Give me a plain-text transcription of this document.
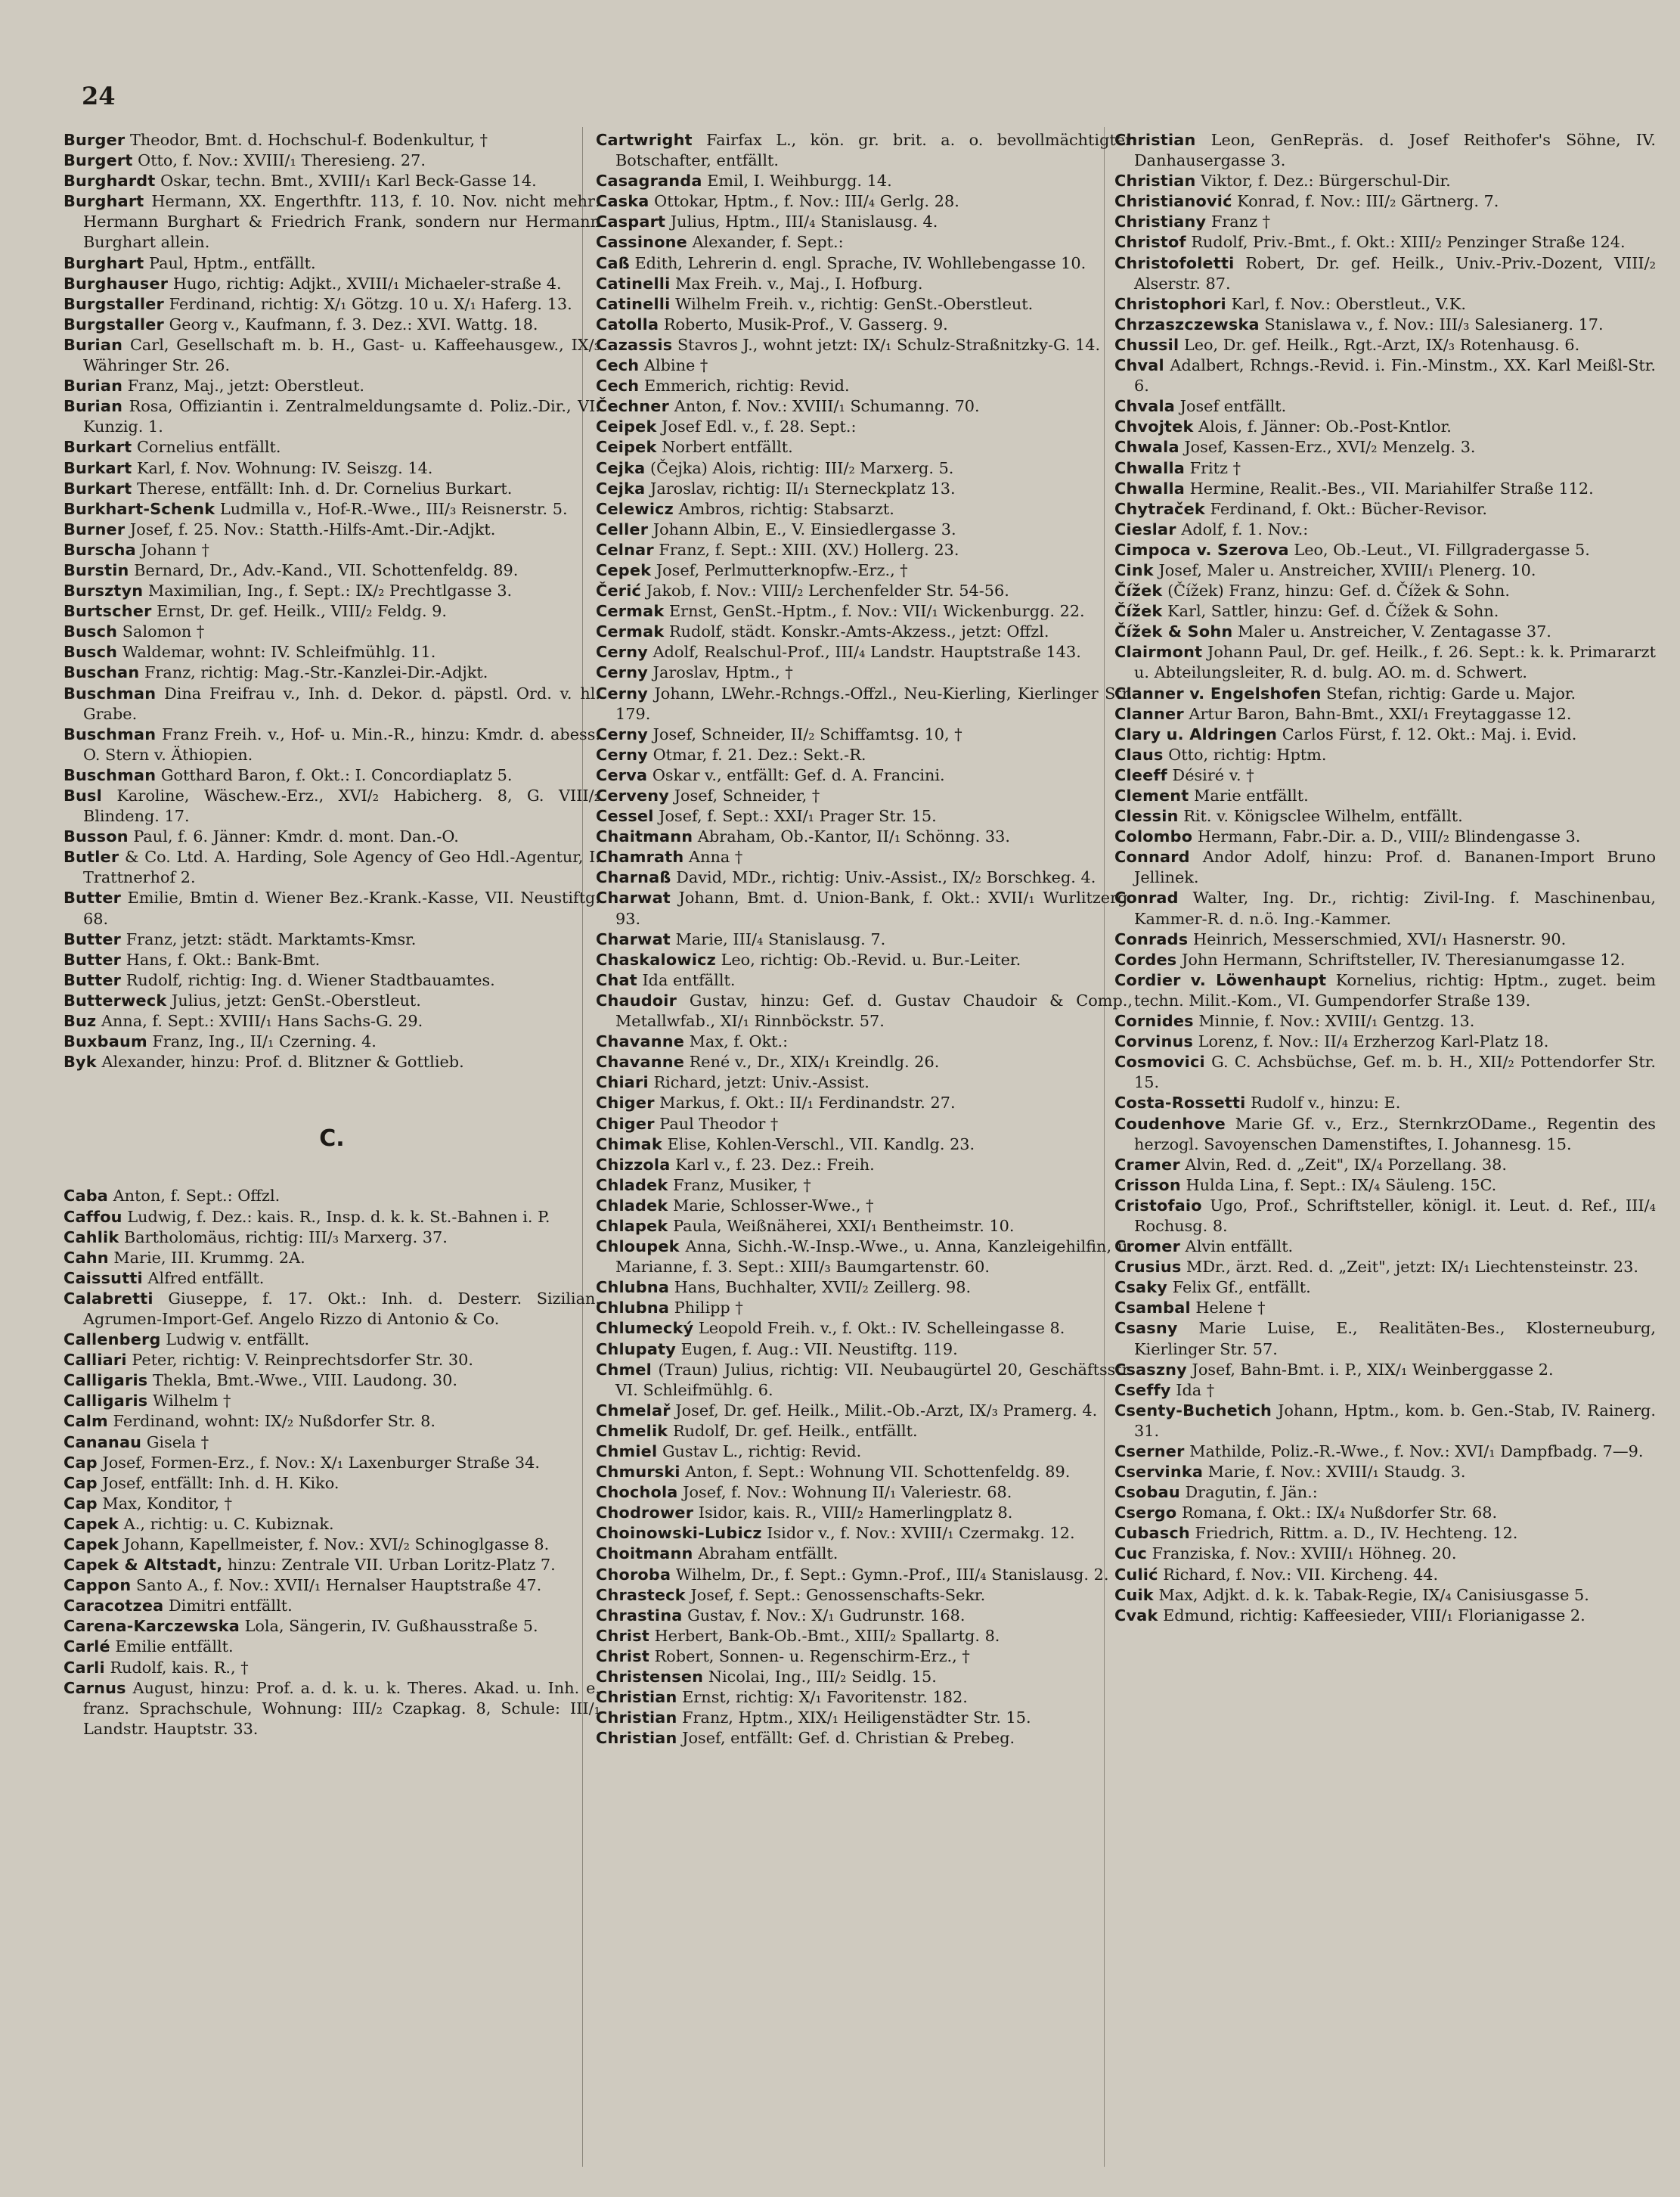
24
Burger Theodor, Bmt. d. Hochschul-f. Bodenkultur, †
Burgert Otto, f. Nov.: XVIII/₁ Theresieng. 27.
Burghardt Oskar, techn. Bmt., XVIII/₁ Karl Beck-Gasse 14.
Burghart Hermann, XX. Engerthftr. 113, f. 10. Nov. nicht mehr: Hermann Burghart & Friedrich Frank, sondern nur Hermann Burghart allein.
Burghart Paul, Hptm., entfällt.
Burghauser Hugo, richtig: Adjkt., XVIII/₁ Michaeler-straße 4.
Burgstaller Ferdinand, richtig: X/₁ Götzg. 10 u. X/₁ Haferg. 13.
Burgstaller Georg v., Kaufmann, f. 3. Dez.: XVI. Wattg. 18.
Burian Carl, Gesellschaft m. b. H., Gast- u. Kaffeehausgew., IX/₃ Währinger Str. 26.
Burian Franz, Maj., jetzt: Oberstleut.
Burian Rosa, Offiziantin i. Zentralmeldungsamte d. Poliz.-Dir., VI. Kunzig. 1.
Burkart Cornelius entfällt.
Burkart Karl, f. Nov. Wohnung: IV. Seiszg. 14.
Burkart Therese, entfällt: Inh. d. Dr. Cornelius Burkart.
Burkhart-Schenk Ludmilla v., Hof-R.-Wwe., III/₃ Reisnerstr. 5.
Burner Josef, f. 25. Nov.: Statth.-Hilfs-Amt.-Dir.-Adjkt.
Burscha Johann †
Burstin Bernard, Dr., Adv.-Kand., VII. Schottenfeldg. 89.
Bursztyn Maximilian, Ing., f. Sept.: IX/₂ Prechtlgasse 3.
Burtscher Ernst, Dr. gef. Heilk., VIII/₂ Feldg. 9.
Busch Salomon †
Busch Waldemar, wohnt: IV. Schleifmühlg. 11.
Buschan Franz, richtig: Mag.-Str.-Kanzlei-Dir.-Adjkt.
Buschman Dina Freifrau v., Inh. d. Dekor. d. päpstl. Ord. v. hl. Grabe.
Buschman Franz Freih. v., Hof- u. Min.-R., hinzu: Kmdr. d. abess. O. Stern v. Äthiopien.
Buschman Gotthard Baron, f. Okt.: I. Concordiaplatz 5.
Busl Karoline, Wäschew.-Erz., XVI/₂ Habicherg. 8, G. VIII/₂ Blindeng. 17.
Busson Paul, f. 6. Jänner: Kmdr. d. mont. Dan.-O.
Butler & Co. Ltd. A. Harding, Sole Agency of Geo Hdl.-Agentur, I. Trattnerhof 2.
Butter Emilie, Bmtin d. Wiener Bez.-Krank.-Kasse, VII. Neustiftg. 68.
Butter Franz, jetzt: städt. Marktamts-Kmsr.
Butter Hans, f. Okt.: Bank-Bmt.
Butter Rudolf, richtig: Ing. d. Wiener Stadtbauamtes.
Butterweck Julius, jetzt: GenSt.-Oberstleut.
Buz Anna, f. Sept.: XVIII/₁ Hans Sachs-G. 29.
Buxbaum Franz, Ing., II/₁ Czerning. 4.
Byk Alexander, hinzu: Prof. d. Blitzner & Gottlieb.
C.
Caba Anton, f. Sept.: Offzl.
Caffou Ludwig, f. Dez.: kais. R., Insp. d. k. k. St.-Bahnen i. P.
Cahlik Bartholomäus, richtig: III/₃ Marxerg. 37.
Cahn Marie, III. Krummg. 2A.
Caissutti Alfred entfällt.
Calabretti Giuseppe, f. 17. Okt.: Inh. d. Desterr. Sizilian. Agrumen-Import-Gef. Angelo Rizzo di Antonio & Co.
Callenberg Ludwig v. entfällt.
Calliari Peter, richtig: V. Reinprechtsdorfer Str. 30.
Calligaris Thekla, Bmt.-Wwe., VIII. Laudong. 30.
Calligaris Wilhelm †
Calm Ferdinand, wohnt: IX/₂ Nußdorfer Str. 8.
Cananau Gisela †
Cap Josef, Formen-Erz., f. Nov.: X/₁ Laxenburger Straße 34.
Cap Josef, entfällt: Inh. d. H. Kiko.
Cap Max, Konditor, †
Capek A., richtig: u. C. Kubiznak.
Capek Johann, Kapellmeister, f. Nov.: XVI/₂ Schinoglgasse 8.
Capek & Altstadt, hinzu: Zentrale VII. Urban Loritz-Platz 7.
Cappon Santo A., f. Nov.: XVII/₁ Hernalser Hauptstraße 47.
Caracotzea Dimitri entfällt.
Carena-Karczewska Lola, Sängerin, IV. Gußhausstraße 5.
Carlé Emilie entfällt.
Carli Rudolf, kais. R., †
Carnus August, hinzu: Prof. a. d. k. u. k. Theres. Akad. u. Inh. e. franz. Sprachschule, Wohnung: III/₂ Czapkag. 8, Schule: III/₁ Landstr. Hauptstr. 33.
Cartwright Fairfax L., kön. gr. brit. a. o. bevollmächtigter Botschafter, entfällt.
Casagranda Emil, I. Weihburgg. 14.
Caska Ottokar, Hptm., f. Nov.: III/₄ Gerlg. 28.
Caspart Julius, Hptm., III/₄ Stanislausg. 4.
Cassinone Alexander, f. Sept.:
Caß Edith, Lehrerin d. engl. Sprache, IV. Wohllebengasse 10.
Catinelli Max Freih. v., Maj., I. Hofburg.
Catinelli Wilhelm Freih. v., richtig: GenSt.-Oberstleut.
Catolla Roberto, Musik-Prof., V. Gasserg. 9.
Cazassis Stavros J., wohnt jetzt: IX/₁ Schulz-Straßnitzky-G. 14.
Cech Albine †
Cech Emmerich, richtig: Revid.
Čechner Anton, f. Nov.: XVIII/₁ Schumanng. 70.
Ceipek Josef Edl. v., f. 28. Sept.:
Ceipek Norbert entfällt.
Cejka (Čejka) Alois, richtig: III/₂ Marxerg. 5.
Cejka Jaroslav, richtig: II/₁ Sterneckplatz 13.
Celewicz Ambros, richtig: Stabsarzt.
Celler Johann Albin, E., V. Einsiedlergasse 3.
Celnar Franz, f. Sept.: XIII. (XV.) Hollerg. 23.
Cepek Josef, Perlmutterknopfw.-Erz., †
Čerić Jakob, f. Nov.: VIII/₂ Lerchenfelder Str. 54-56.
Cermak Ernst, GenSt.-Hptm., f. Nov.: VII/₁ Wickenburgg. 22.
Cermak Rudolf, städt. Konskr.-Amts-Akzess., jetzt: Offzl.
Cerny Adolf, Realschul-Prof., III/₄ Landstr. Hauptstraße 143.
Cerny Jaroslav, Hptm., †
Cerny Johann, LWehr.-Rchngs.-Offzl., Neu-Kierling, Kierlinger Str. 179.
Cerny Josef, Schneider, II/₂ Schiffamtsg. 10, †
Cerny Otmar, f. 21. Dez.: Sekt.-R.
Cerva Oskar v., entfällt: Gef. d. A. Francini.
Cerveny Josef, Schneider, †
Cessel Josef, f. Sept.: XXI/₁ Prager Str. 15.
Chaitmann Abraham, Ob.-Kantor, II/₁ Schönng. 33.
Chamrath Anna †
Charnaß David, MDr., richtig: Univ.-Assist., IX/₂ Borschkeg. 4.
Charwat Johann, Bmt. d. Union-Bank, f. Okt.: XVII/₁ Wurlitzerg. 93.
Charwat Marie, III/₄ Stanislausg. 7.
Chaskalowicz Leo, richtig: Ob.-Revid. u. Bur.-Leiter.
Chat Ida entfällt.
Chaudoir Gustav, hinzu: Gef. d. Gustav Chaudoir & Comp., Metallwfab., XI/₁ Rinnböckstr. 57.
Chavanne Max, f. Okt.:
Chavanne René v., Dr., XIX/₁ Kreindlg. 26.
Chiari Richard, jetzt: Univ.-Assist.
Chiger Markus, f. Okt.: II/₁ Ferdinandstr. 27.
Chiger Paul Theodor †
Chimak Elise, Kohlen-Verschl., VII. Kandlg. 23.
Chizzola Karl v., f. 23. Dez.: Freih.
Chladek Franz, Musiker, †
Chladek Marie, Schlosser-Wwe., †
Chlapek Paula, Weißnäherei, XXI/₁ Bentheimstr. 10.
Chloupek Anna, Sichh.-W.-Insp.-Wwe., u. Anna, Kanzleigehilfin, u. Marianne, f. 3. Sept.: XIII/₃ Baumgartenstr. 60.
Chlubna Hans, Buchhalter, XVII/₂ Zeillerg. 98.
Chlubna Philipp †
Chlumecký Leopold Freih. v., f. Okt.: IV. Schelleingasse 8.
Chlupaty Eugen, f. Aug.: VII. Neustiftg. 119.
Chmel (Traun) Julius, richtig: VII. Neubaugürtel 20, Geschäftsstr. VI. Schleifmühlg. 6.
Chmelař Josef, Dr. gef. Heilk., Milit.-Ob.-Arzt, IX/₃ Pramerg. 4.
Chmelik Rudolf, Dr. gef. Heilk., entfällt.
Chmiel Gustav L., richtig: Revid.
Chmurski Anton, f. Sept.: Wohnung VII. Schottenfeldg. 89.
Chochola Josef, f. Nov.: Wohnung II/₁ Valeriestr. 68.
Chodrower Isidor, kais. R., VIII/₂ Hamerlingplatz 8.
Choinowski-Lubicz Isidor v., f. Nov.: XVIII/₁ Czermakg. 12.
Choitmann Abraham entfällt.
Choroba Wilhelm, Dr., f. Sept.: Gymn.-Prof., III/₄ Stanislausg. 2.
Chrasteck Josef, f. Sept.: Genossenschafts-Sekr.
Chrastina Gustav, f. Nov.: X/₁ Gudrunstr. 168.
Christ Herbert, Bank-Ob.-Bmt., XIII/₂ Spallartg. 8.
Christ Robert, Sonnen- u. Regenschirm-Erz., †
Christensen Nicolai, Ing., III/₂ Seidlg. 15.
Christian Ernst, richtig: X/₁ Favoritenstr. 182.
Christian Franz, Hptm., XIX/₁ Heiligenstädter Str. 15.
Christian Josef, entfällt: Gef. d. Christian & Prebeg.
Christian Leon, GenRepräs. d. Josef Reithofer's Söhne, IV. Danhausergasse 3.
Christian Viktor, f. Dez.: Bürgerschul-Dir.
Christianović Konrad, f. Nov.: III/₂ Gärtnerg. 7.
Christiany Franz †
Christof Rudolf, Priv.-Bmt., f. Okt.: XIII/₂ Penzinger Straße 124.
Christofoletti Robert, Dr. gef. Heilk., Univ.-Priv.-Dozent, VIII/₂ Alserstr. 87.
Christophori Karl, f. Nov.: Oberstleut., V.K.
Chrzaszczewska Stanislawa v., f. Nov.: III/₃ Salesianerg. 17.
Chussil Leo, Dr. gef. Heilk., Rgt.-Arzt, IX/₃ Rotenhausg. 6.
Chval Adalbert, Rchngs.-Revid. i. Fin.-Minstm., XX. Karl Meißl-Str. 6.
Chvala Josef entfällt.
Chvojtek Alois, f. Jänner: Ob.-Post-Kntlor.
Chwala Josef, Kassen-Erz., XVI/₂ Menzelg. 3.
Chwalla Fritz †
Chwalla Hermine, Realit.-Bes., VII. Mariahilfer Straße 112.
Chytraček Ferdinand, f. Okt.: Bücher-Revisor.
Cieslar Adolf, f. 1. Nov.:
Cimpoca v. Szerova Leo, Ob.-Leut., VI. Fillgradergasse 5.
Cink Josef, Maler u. Anstreicher, XVIII/₁ Plenerg. 10.
Čížek (Čížek) Franz, hinzu: Gef. d. Čížek & Sohn.
Čížek Karl, Sattler, hinzu: Gef. d. Čížek & Sohn.
Čížek & Sohn Maler u. Anstreicher, V. Zentagasse 37.
Clairmont Johann Paul, Dr. gef. Heilk., f. 26. Sept.: k. k. Primararzt u. Abteilungsleiter, R. d. bulg. AO. m. d. Schwert.
Clanner v. Engelshofen Stefan, richtig: Garde u. Major.
Clanner Artur Baron, Bahn-Bmt., XXI/₁ Freytaggasse 12.
Clary u. Aldringen Carlos Fürst, f. 12. Okt.: Maj. i. Evid.
Claus Otto, richtig: Hptm.
Cleeff Désiré v. †
Clement Marie entfällt.
Clessin Rit. v. Königsclee Wilhelm, entfällt.
Colombo Hermann, Fabr.-Dir. a. D., VIII/₂ Blindengasse 3.
Connard Andor Adolf, hinzu: Prof. d. Bananen-Import Bruno Jellinek.
Conrad Walter, Ing. Dr., richtig: Zivil-Ing. f. Maschinenbau, Kammer-R. d. n.ö. Ing.-Kammer.
Conrads Heinrich, Messerschmied, XVI/₁ Hasnerstr. 90.
Cordes John Hermann, Schriftsteller, IV. Theresianumgasse 12.
Cordier v. Löwenhaupt Kornelius, richtig: Hptm., zuget. beim techn. Milit.-Kom., VI. Gumpendorfer Straße 139.
Cornides Minnie, f. Nov.: XVIII/₁ Gentzg. 13.
Corvinus Lorenz, f. Nov.: II/₄ Erzherzog Karl-Platz 18.
Cosmovici G. C. Achsbüchse, Gef. m. b. H., XII/₂ Pottendorfer Str. 15.
Costa-Rossetti Rudolf v., hinzu: E.
Coudenhove Marie Gf. v., Erz., SternkrzODame., Regentin des herzogl. Savoyenschen Damenstiftes, I. Johannesg. 15.
Cramer Alvin, Red. d. „Zeit", IX/₄ Porzellang. 38.
Crisson Hulda Lina, f. Sept.: IX/₄ Säuleng. 15C.
Cristofaio Ugo, Prof., Schriftsteller, königl. it. Leut. d. Ref., III/₄ Rochusg. 8.
Cromer Alvin entfällt.
Crusius MDr., ärzt. Red. d. „Zeit", jetzt: IX/₁ Liechtensteinstr. 23.
Csaky Felix Gf., entfällt.
Csambal Helene †
Csasny Marie Luise, E., Realitäten-Bes., Klosterneuburg, Kierlinger Str. 57.
Csaszny Josef, Bahn-Bmt. i. P., XIX/₁ Weinberggasse 2.
Cseffy Ida †
Csenty-Buchetich Johann, Hptm., kom. b. Gen.-Stab, IV. Rainerg. 31.
Cserner Mathilde, Poliz.-R.-Wwe., f. Nov.: XVI/₁ Dampfbadg. 7—9.
Cservinka Marie, f. Nov.: XVIII/₁ Staudg. 3.
Csobau Dragutin, f. Jän.:
Csergo Romana, f. Okt.: IX/₄ Nußdorfer Str. 68.
Cubasch Friedrich, Rittm. a. D., IV. Hechteng. 12.
Cuc Franziska, f. Nov.: XVIII/₁ Höhneg. 20.
Culić Richard, f. Nov.: VII. Kircheng. 44.
Cuik Max, Adjkt. d. k. k. Tabak-Regie, IX/₄ Canisiusgasse 5.
Cvak Edmund, richtig: Kaffeesieder, VIII/₁ Florianigasse 2.
